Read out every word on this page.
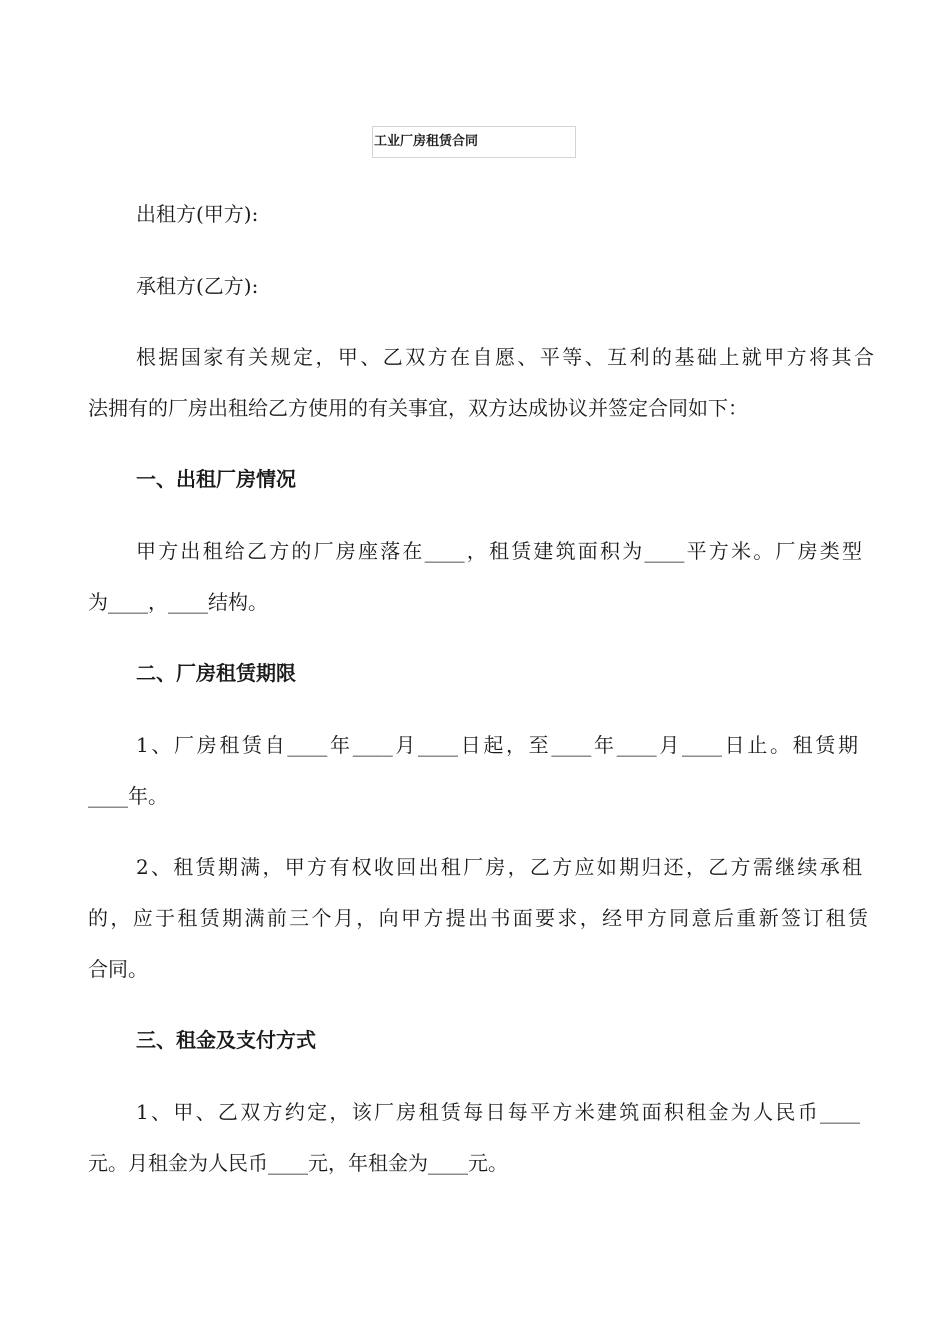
工业厂房租赁合同
出租方(甲方):
承租方(乙方):
根据国家有关规定，甲、乙双方在自愿、平等、互利的基础上就甲方将其合
法拥有的厂房出租给乙方使用的有关事宜，双方达成协议并签定合同如下：
一、出租厂房情况
甲方出租给乙方的厂房座落在____，租赁建筑面积为____平方米。厂房类型
为____，____结构。
二、厂房租赁期限
1、厂房租赁自____年____月____日起，至____年____月____日止。租赁期
____年。
2、租赁期满，甲方有权收回出租厂房，乙方应如期归还，乙方需继续承租
的，应于租赁期满前三个月，向甲方提出书面要求，经甲方同意后重新签订租赁
合同。
三、租金及支付方式
1、甲、乙双方约定，该厂房租赁每日每平方米建筑面积租金为人民币____
元。月租金为人民币____元，年租金为____元。
